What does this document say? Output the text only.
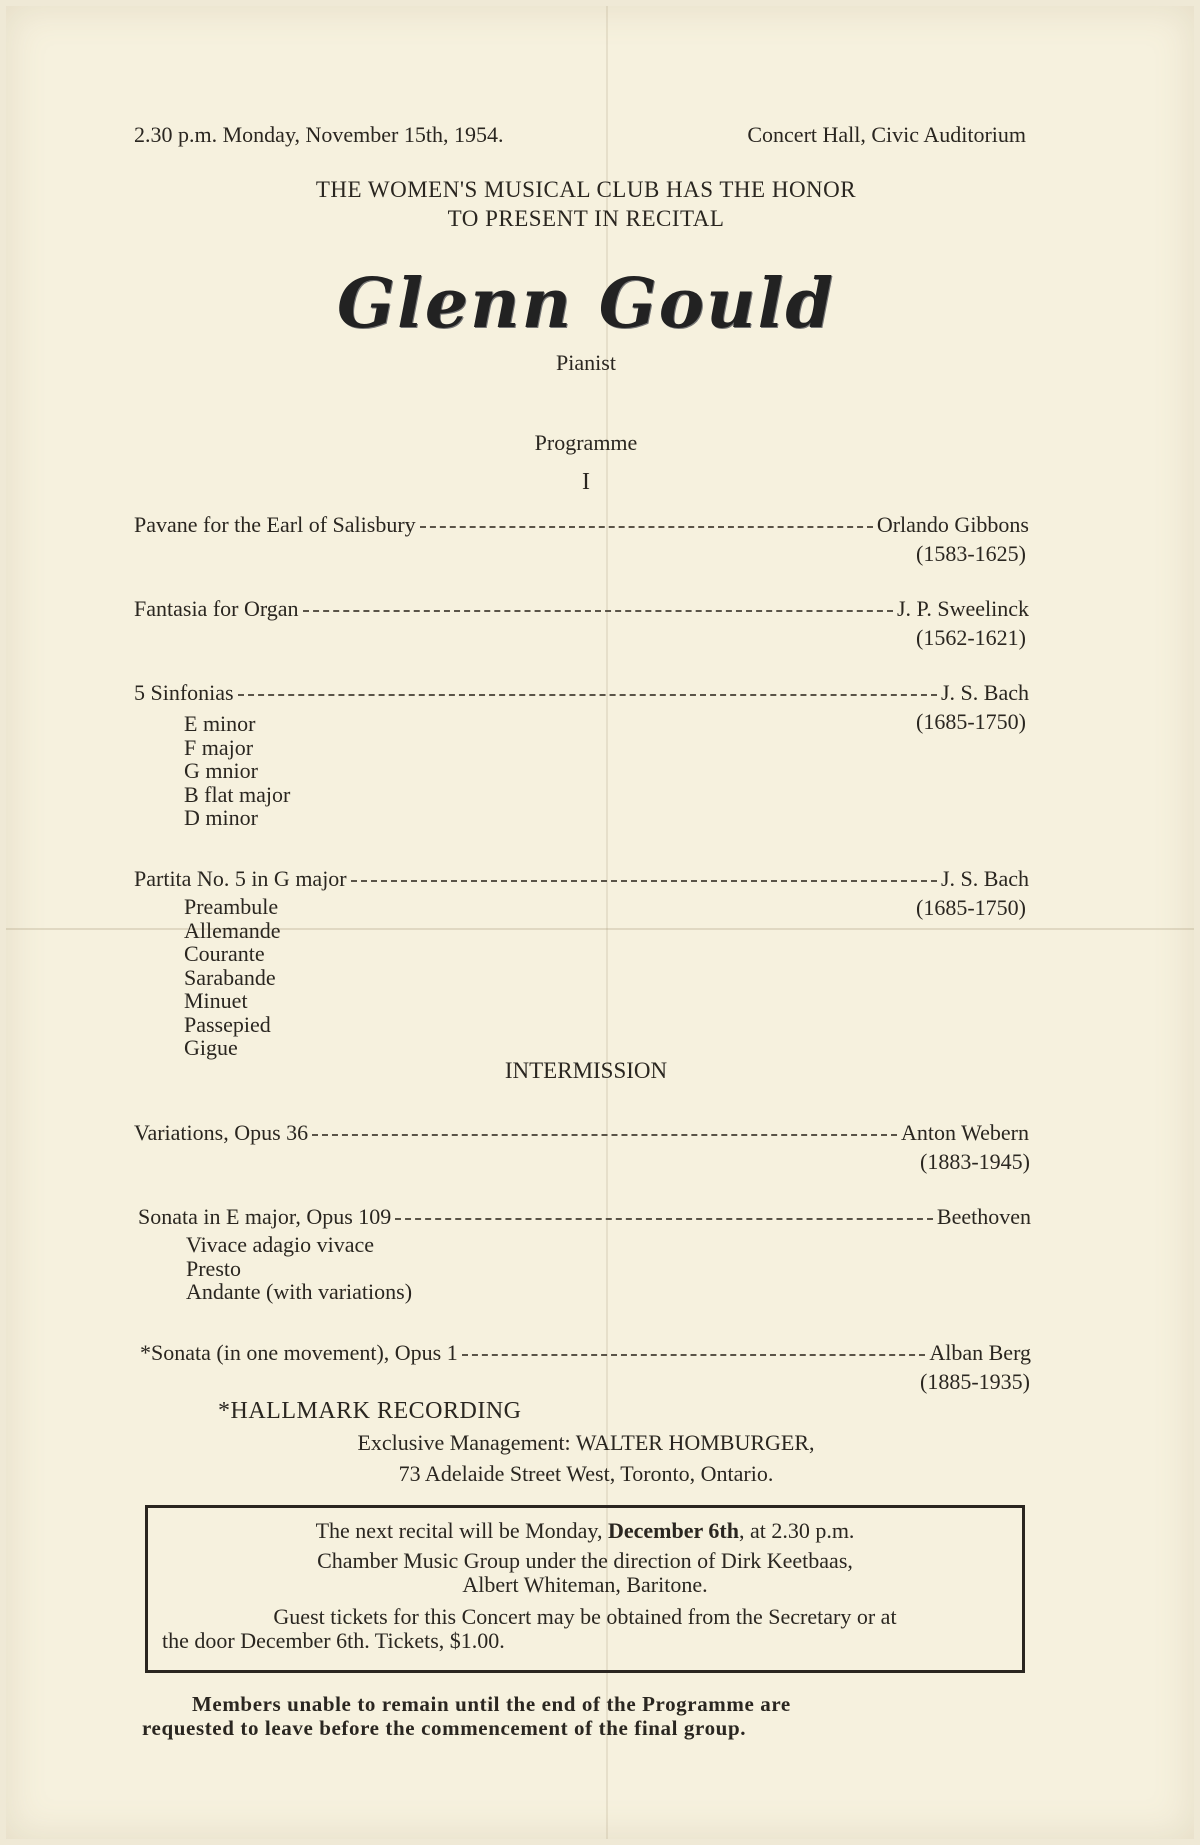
2.30 p.m. Monday, November 15th, 1954.	Concert Hall, Civic Auditorium
THE WOMEN'S MUSICAL CLUB HAS THE HONOR
TO PRESENT IN RECITAL
Glenn Gould
Pianist
Programme
I
Pavane for the Earl of Salisbury	Orlando Gibbons
(1583-1625)
Fantasia for Organ	J. P. Sweelinck
(1562-1621)
5 Sinfonias	J. S. Bach
(1685-1750)
E minor
F major
G mnior
B flat major
D minor
Partita No. 5 in G major	J. S. Bach
(1685-1750)
Preambule
Allemande
Courante
Sarabande
Minuet
Passepied
Gigue
INTERMISSION
Variations, Opus 36	Anton Webern
(1883-1945)
Sonata in E major, Opus 109	Beethoven
Vivace adagio vivace
Presto
Andante (with variations)
*Sonata (in one movement), Opus 1	Alban Berg
(1885-1935)
*HALLMARK RECORDING
Exclusive Management: WALTER HOMBURGER,
73 Adelaide Street West, Toronto, Ontario.
The next recital will be Monday, December 6th, at 2.30 p.m.
Chamber Music Group under the direction of Dirk Keetbaas,
Albert Whiteman, Baritone.
Guest tickets for this Concert may be obtained from the Secretary or at
the door December 6th. Tickets, $1.00.
Members unable to remain until the end of the Programme are
requested to leave before the commencement of the final group.
